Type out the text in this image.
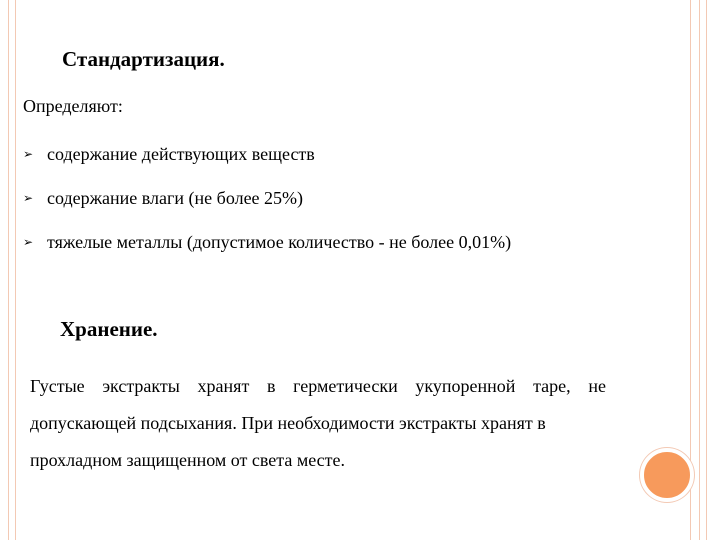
Стандартизация.
Определяют:
➢ содержание действующих веществ
➢ содержание влаги (не более 25%)
➢ тяжелые металлы (допустимое количество - не более 0,01%)
Хранение.
Густые экстракты хранят в герметически укупоренной таре, не
допускающей подсыхания. При необходимости экстракты хранят в
прохладном защищенном от света месте.
